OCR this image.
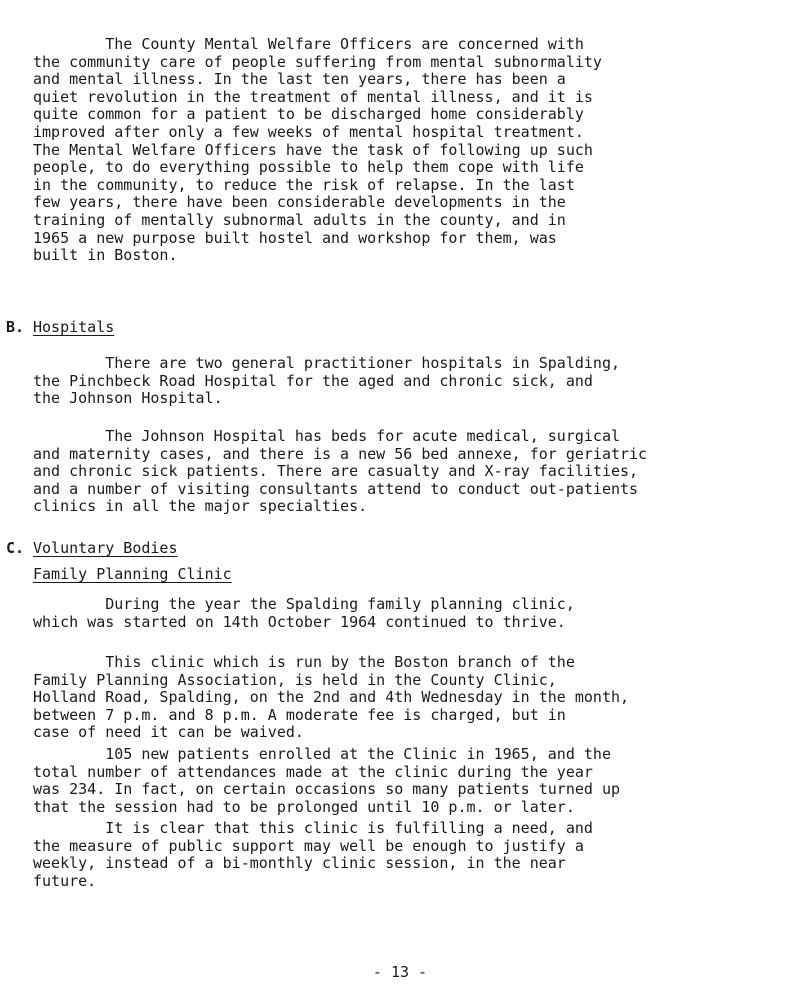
The County Mental Welfare Officers are concerned with
the community care of people suffering from mental subnormality
and mental illness. In the last ten years, there has been a
quiet revolution in the treatment of mental illness, and it is
quite common for a patient to be discharged home considerably
improved after only a few weeks of mental hospital treatment.
The Mental Welfare Officers have the task of following up such
people, to do everything possible to help them cope with life
in the community, to reduce the risk of relapse. In the last
few years, there have been considerable developments in the
training of mentally subnormal adults in the county, and in
1965 a new purpose built hostel and workshop for them, was
built in Boston.
B. Hospitals
There are two general practitioner hospitals in Spalding,
the Pinchbeck Road Hospital for the aged and chronic sick, and
the Johnson Hospital.
The Johnson Hospital has beds for acute medical, surgical
and maternity cases, and there is a new 56 bed annexe, for geriatric
and chronic sick patients. There are casualty and X-ray facilities,
and a number of visiting consultants attend to conduct out-patients
clinics in all the major specialties.
C. Voluntary Bodies
Family Planning Clinic
During the year the Spalding family planning clinic,
which was started on 14th October 1964 continued to thrive.
This clinic which is run by the Boston branch of the
Family Planning Association, is held in the County Clinic,
Holland Road, Spalding, on the 2nd and 4th Wednesday in the month,
between 7 p.m. and 8 p.m. A moderate fee is charged, but in
case of need it can be waived.
105 new patients enrolled at the Clinic in 1965, and the
total number of attendances made at the clinic during the year
was 234. In fact, on certain occasions so many patients turned up
that the session had to be prolonged until 10 p.m. or later.
It is clear that this clinic is fulfilling a need, and
the measure of public support may well be enough to justify a
weekly, instead of a bi-monthly clinic session, in the near
future.
- 13 -
